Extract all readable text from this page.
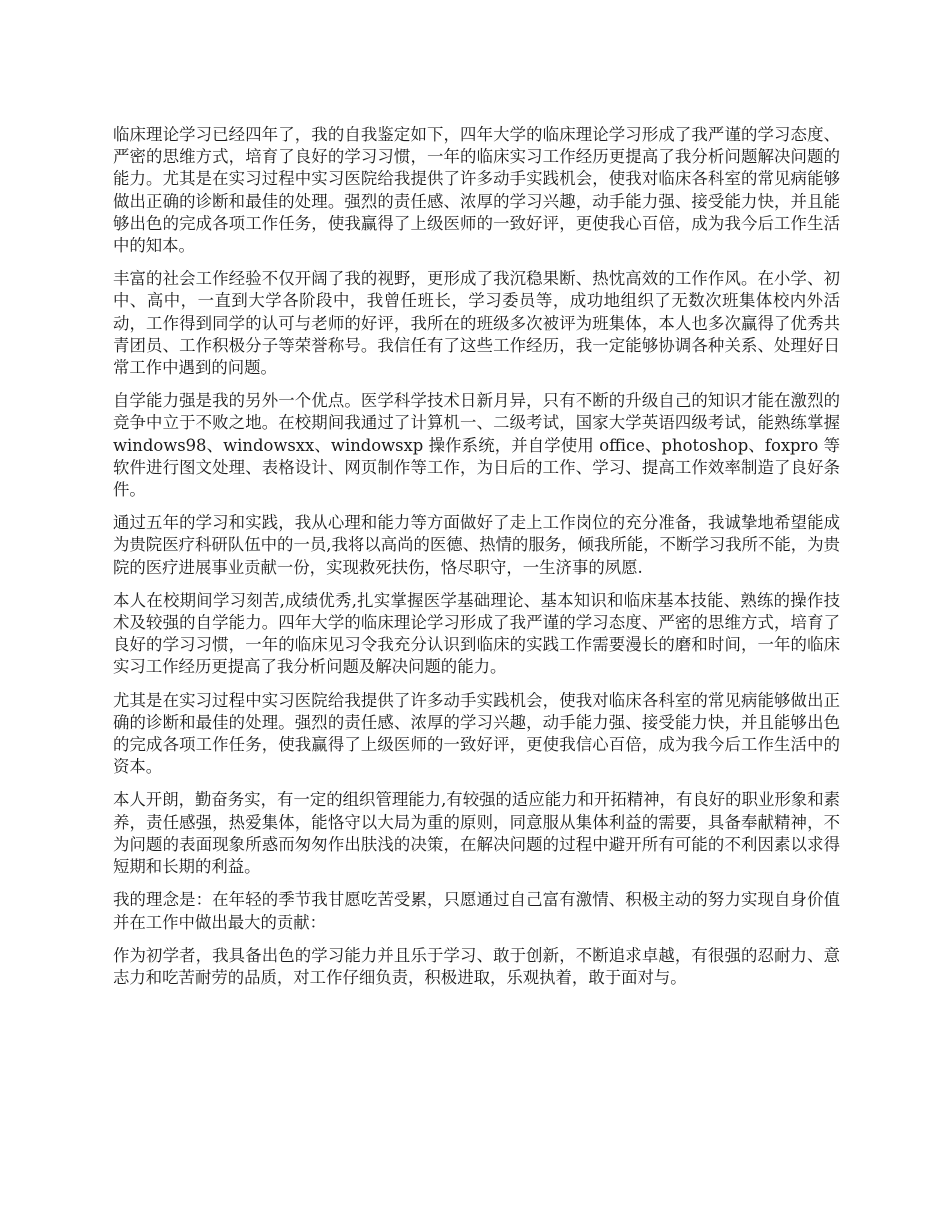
临床理论学习已经四年了，我的自我鉴定如下，四年大学的临床理论学习形成了我严谨的学习态度、严密的思维方式，培育了良好的学习习惯，一年的临床实习工作经历更提高了我分析问题解决问题的能力。尤其是在实习过程中实习医院给我提供了许多动手实践机会，使我对临床各科室的常见病能够做出正确的诊断和最佳的处理。强烈的责任感、浓厚的学习兴趣，动手能力强、接受能力快，并且能够出色的完成各项工作任务，使我赢得了上级医师的一致好评，更使我心百倍，成为我今后工作生活中的知本。

丰富的社会工作经验不仅开阔了我的视野，更形成了我沉稳果断、热忱高效的工作作风。在小学、初中、高中，一直到大学各阶段中，我曾任班长，学习委员等，成功地组织了无数次班集体校内外活动，工作得到同学的认可与老师的好评，我所在的班级多次被评为班集体，本人也多次赢得了优秀共青团员、工作积极分子等荣誉称号。我信任有了这些工作经历，我一定能够协调各种关系、处理好日常工作中遇到的问题。

自学能力强是我的另外一个优点。医学科学技术日新月异，只有不断的升级自己的知识才能在激烈的竞争中立于不败之地。在校期间我通过了计算机一、二级考试，国家大学英语四级考试，能熟练掌握 windows98、windowsxx、windowsxp 操作系统，并自学使用 office、photoshop、foxpro 等软件进行图文处理、表格设计、网页制作等工作，为日后的工作、学习、提高工作效率制造了良好条件。

通过五年的学习和实践，我从心理和能力等方面做好了走上工作岗位的充分准备，我诚挚地希望能成为贵院医疗科研队伍中的一员,我将以高尚的医德、热情的服务，倾我所能，不断学习我所不能，为贵院的医疗进展事业贡献一份，实现救死扶伤，恪尽职守，一生济事的夙愿.

本人在校期间学习刻苦,成绩优秀,扎实掌握医学基础理论、基本知识和临床基本技能、熟练的操作技术及较强的自学能力。四年大学的临床理论学习形成了我严谨的学习态度、严密的思维方式，培育了良好的学习习惯，一年的临床见习令我充分认识到临床的实践工作需要漫长的磨和时间，一年的临床实习工作经历更提高了我分析问题及解决问题的能力。

尤其是在实习过程中实习医院给我提供了许多动手实践机会，使我对临床各科室的常见病能够做出正确的诊断和最佳的处理。强烈的责任感、浓厚的学习兴趣，动手能力强、接受能力快，并且能够出色的完成各项工作任务，使我赢得了上级医师的一致好评，更使我信心百倍，成为我今后工作生活中的资本。

本人开朗，勤奋务实，有一定的组织管理能力,有较强的适应能力和开拓精神，有良好的职业形象和素养，责任感强，热爱集体，能恪守以大局为重的原则，同意服从集体利益的需要，具备奉献精神，不为问题的表面现象所惑而匆匆作出肤浅的决策，在解决问题的过程中避开所有可能的不利因素以求得短期和长期的利益。

我的理念是：在年轻的季节我甘愿吃苦受累，只愿通过自己富有激情、积极主动的努力实现自身价值并在工作中做出最大的贡献：

作为初学者，我具备出色的学习能力并且乐于学习、敢于创新，不断追求卓越，有很强的忍耐力、意志力和吃苦耐劳的品质，对工作仔细负责，积极进取，乐观执着，敢于面对与。
